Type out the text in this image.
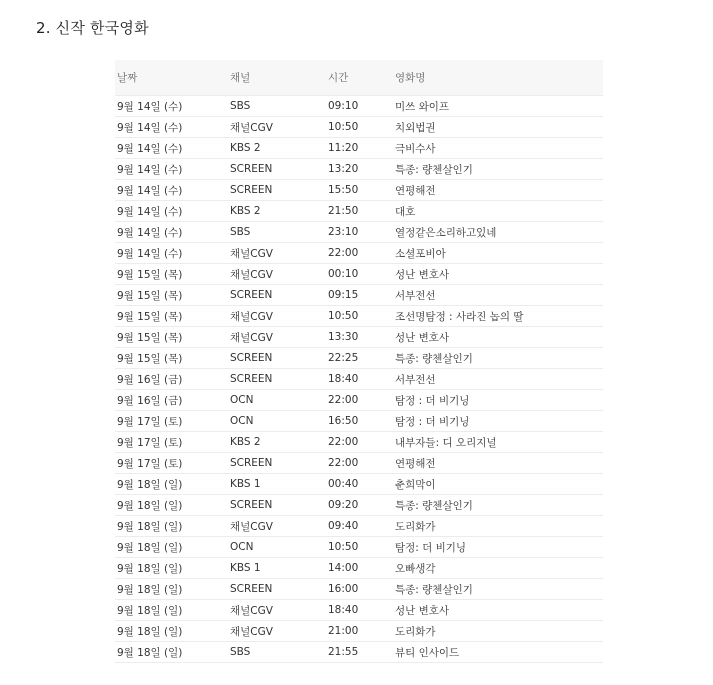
2. 신작 한국영화
날짜	채널	시간	영화명
9월 14일 (수)	SBS	09:10	미쓰 와이프
9월 14일 (수)	채널CGV	10:50	치외법권
9월 14일 (수)	KBS 2	11:20	극비수사
9월 14일 (수)	SCREEN	13:20	특종: 량첸살인기
9월 14일 (수)	SCREEN	15:50	연평해전
9월 14일 (수)	KBS 2	21:50	대호
9월 14일 (수)	SBS	23:10	열정같은소리하고있네
9월 14일 (수)	채널CGV	22:00	소셜포비아
9월 15일 (목)	채널CGV	00:10	성난 변호사
9월 15일 (목)	SCREEN	09:15	서부전선
9월 15일 (목)	채널CGV	10:50	조선명탐정 : 사라진 놉의 딸
9월 15일 (목)	채널CGV	13:30	성난 변호사
9월 15일 (목)	SCREEN	22:25	특종: 량첸살인기
9월 16일 (금)	SCREEN	18:40	서부전선
9월 16일 (금)	OCN	22:00	탐정 : 더 비기닝
9월 17일 (토)	OCN	16:50	탐정 : 더 비기닝
9월 17일 (토)	KBS 2	22:00	내부자들: 디 오리지널
9월 17일 (토)	SCREEN	22:00	연평해전
9월 18일 (일)	KBS 1	00:40	춘희막이
9월 18일 (일)	SCREEN	09:20	특종: 량첸살인기
9월 18일 (일)	채널CGV	09:40	도리화가
9월 18일 (일)	OCN	10:50	탐정: 더 비기닝
9월 18일 (일)	KBS 1	14:00	오빠생각
9월 18일 (일)	SCREEN	16:00	특종: 량첸살인기
9월 18일 (일)	채널CGV	18:40	성난 변호사
9월 18일 (일)	채널CGV	21:00	도리화가
9월 18일 (일)	SBS	21:55	뷰티 인사이드
